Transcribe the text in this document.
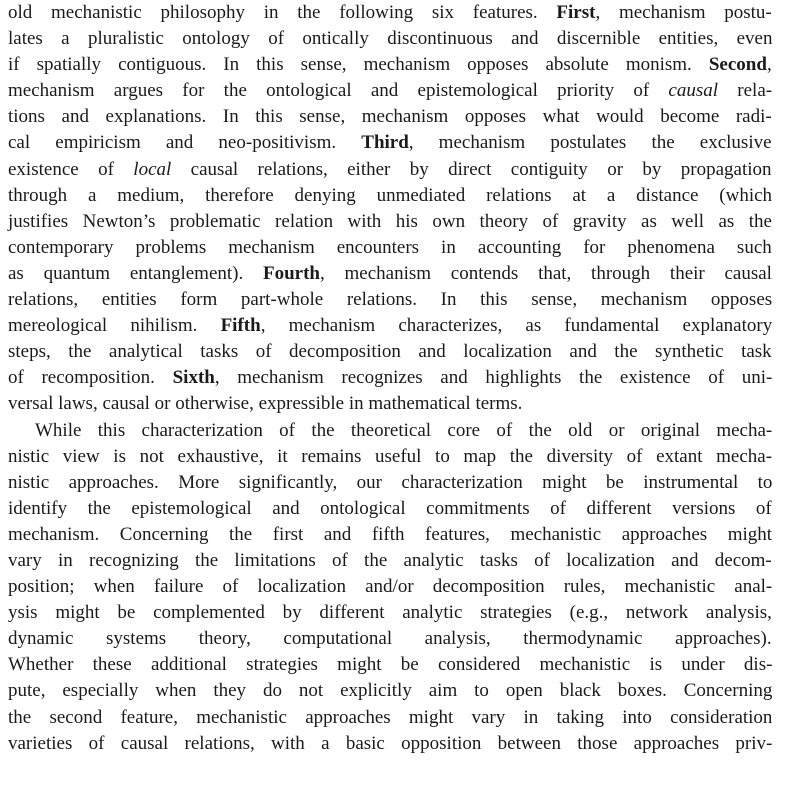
old mechanistic philosophy in the following six features. First, mechanism postu-
lates a pluralistic ontology of ontically discontinuous and discernible entities, even
if spatially contiguous. In this sense, mechanism opposes absolute monism. Second,
mechanism argues for the ontological and epistemological priority of causal rela-
tions and explanations. In this sense, mechanism opposes what would become radi-
cal empiricism and neo-positivism. Third, mechanism postulates the exclusive
existence of local causal relations, either by direct contiguity or by propagation
through a medium, therefore denying unmediated relations at a distance (which
justifies Newton’s problematic relation with his own theory of gravity as well as the
contemporary problems mechanism encounters in accounting for phenomena such
as quantum entanglement). Fourth, mechanism contends that, through their causal
relations, entities form part-whole relations. In this sense, mechanism opposes
mereological nihilism. Fifth, mechanism characterizes, as fundamental explanatory
steps, the analytical tasks of decomposition and localization and the synthetic task
of recomposition. Sixth, mechanism recognizes and highlights the existence of uni-
versal laws, causal or otherwise, expressible in mathematical terms.
While this characterization of the theoretical core of the old or original mecha-
nistic view is not exhaustive, it remains useful to map the diversity of extant mecha-
nistic approaches. More significantly, our characterization might be instrumental to
identify the epistemological and ontological commitments of different versions of
mechanism. Concerning the first and fifth features, mechanistic approaches might
vary in recognizing the limitations of the analytic tasks of localization and decom-
position; when failure of localization and/or decomposition rules, mechanistic anal-
ysis might be complemented by different analytic strategies (e.g., network analysis,
dynamic systems theory, computational analysis, thermodynamic approaches).
Whether these additional strategies might be considered mechanistic is under dis-
pute, especially when they do not explicitly aim to open black boxes. Concerning
the second feature, mechanistic approaches might vary in taking into consideration
varieties of causal relations, with a basic opposition between those approaches priv-
